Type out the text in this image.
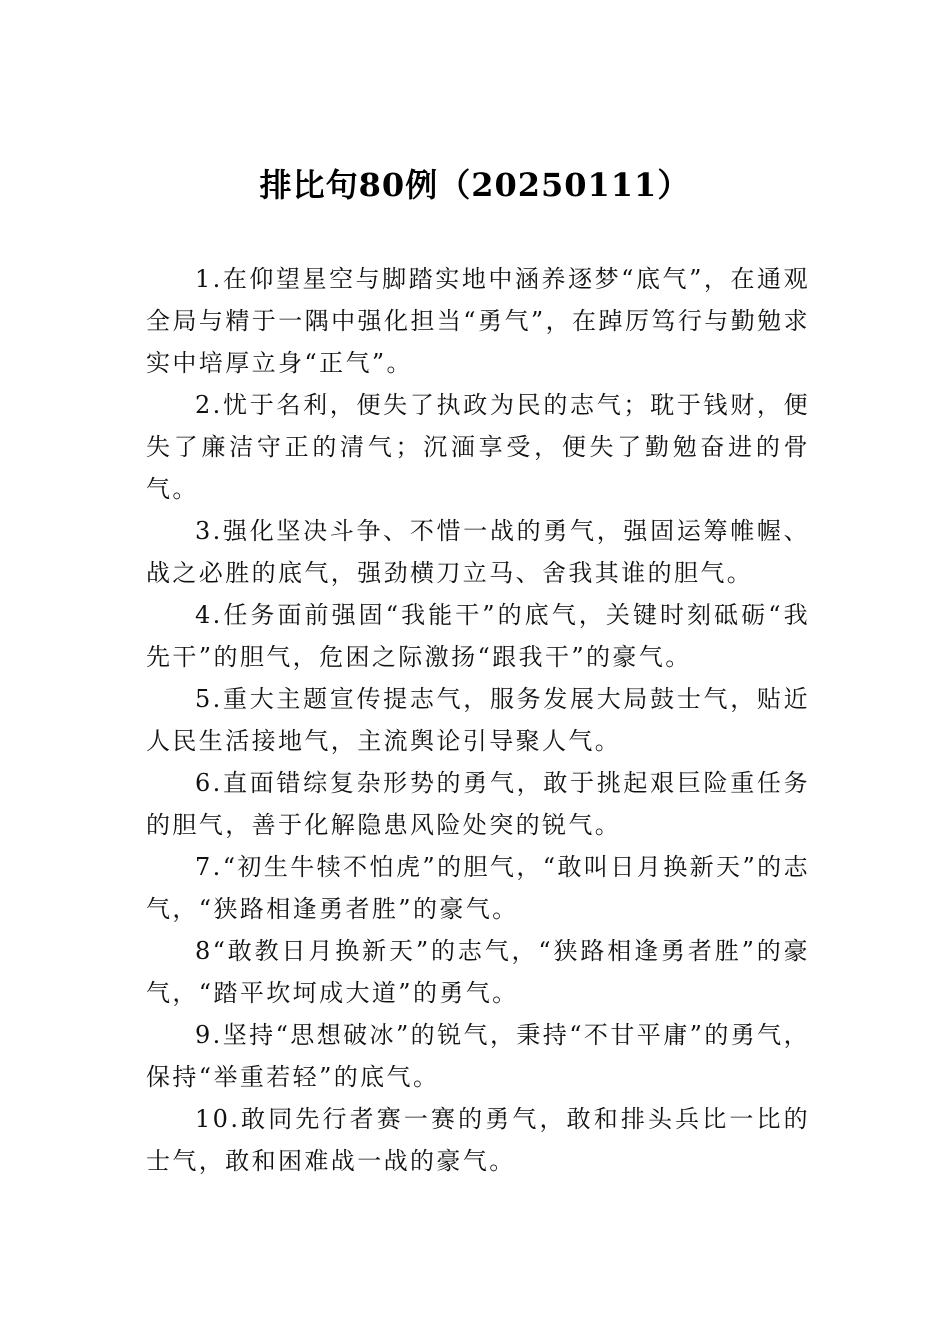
排比句80例（20250111）

1.在仰望星空与脚踏实地中涵养逐梦“底气”，在通观全局与精于一隅中强化担当“勇气”，在踔厉笃行与勤勉求实中培厚立身“正气”。

2.忧于名利，便失了执政为民的志气；耽于钱财，便失了廉洁守正的清气；沉湎享受，便失了勤勉奋进的骨气。

3.强化坚决斗争、不惜一战的勇气，强固运筹帷幄、战之必胜的底气，强劲横刀立马、舍我其谁的胆气。

4.任务面前强固“我能干”的底气，关键时刻砥砺“我先干”的胆气，危困之际激扬“跟我干”的豪气。

5.重大主题宣传提志气，服务发展大局鼓士气，贴近人民生活接地气，主流舆论引导聚人气。

6.直面错综复杂形势的勇气，敢于挑起艰巨险重任务的胆气，善于化解隐患风险处突的锐气。

7.“初生牛犊不怕虎”的胆气，“敢叫日月换新天”的志气，“狭路相逢勇者胜”的豪气。

8“敢教日月换新天”的志气，“狭路相逢勇者胜”的豪气，“踏平坎坷成大道”的勇气。

9.坚持“思想破冰”的锐气，秉持“不甘平庸”的勇气，保持“举重若轻”的底气。

10.敢同先行者赛一赛的勇气，敢和排头兵比一比的士气，敢和困难战一战的豪气。
